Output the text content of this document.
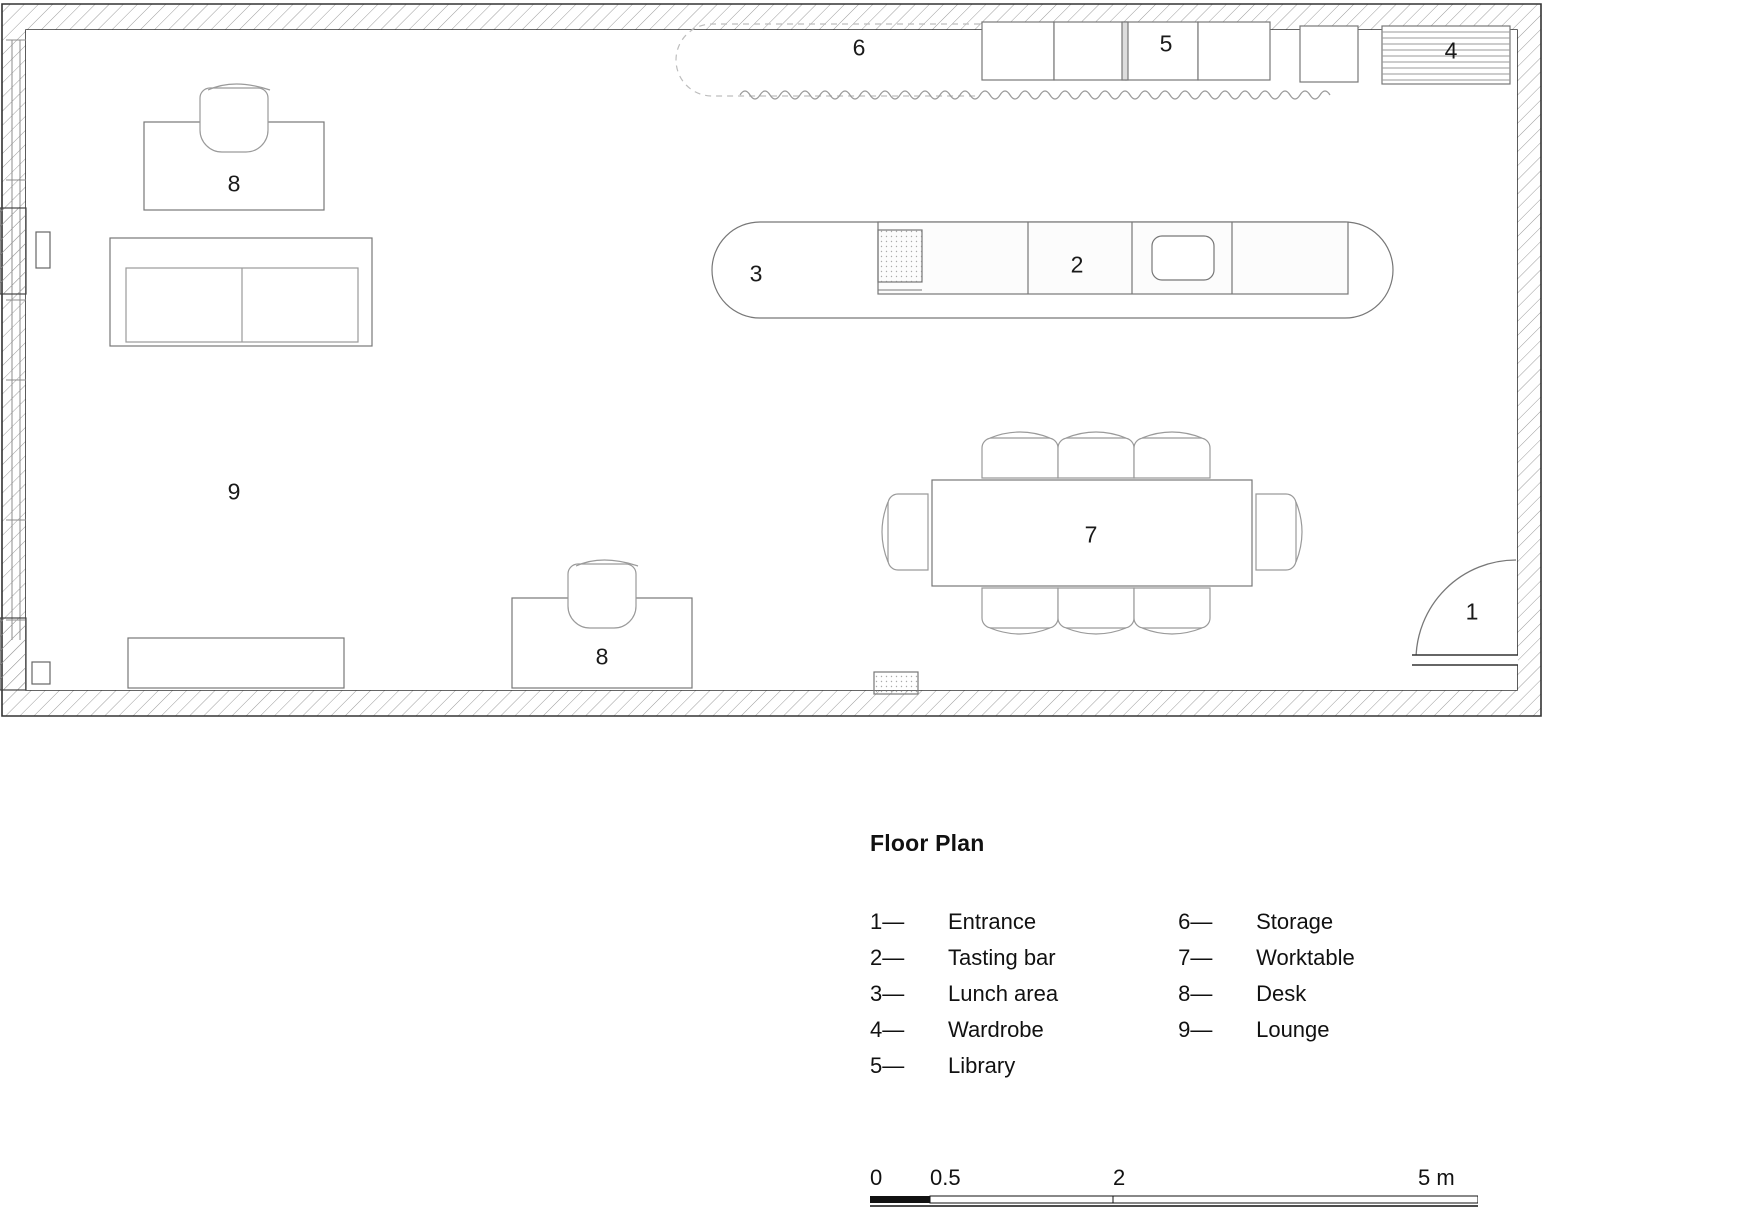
1
2
3
4
5
6
7
8
8
9
Floor Plan
1—	Entrance
2—	Tasting bar
3—	Lunch area
4—	Wardrobe
5—	Library
6—	Storage
7—	Worktable
8—	Desk
9—	Lounge
0 0.5	2	5 m
